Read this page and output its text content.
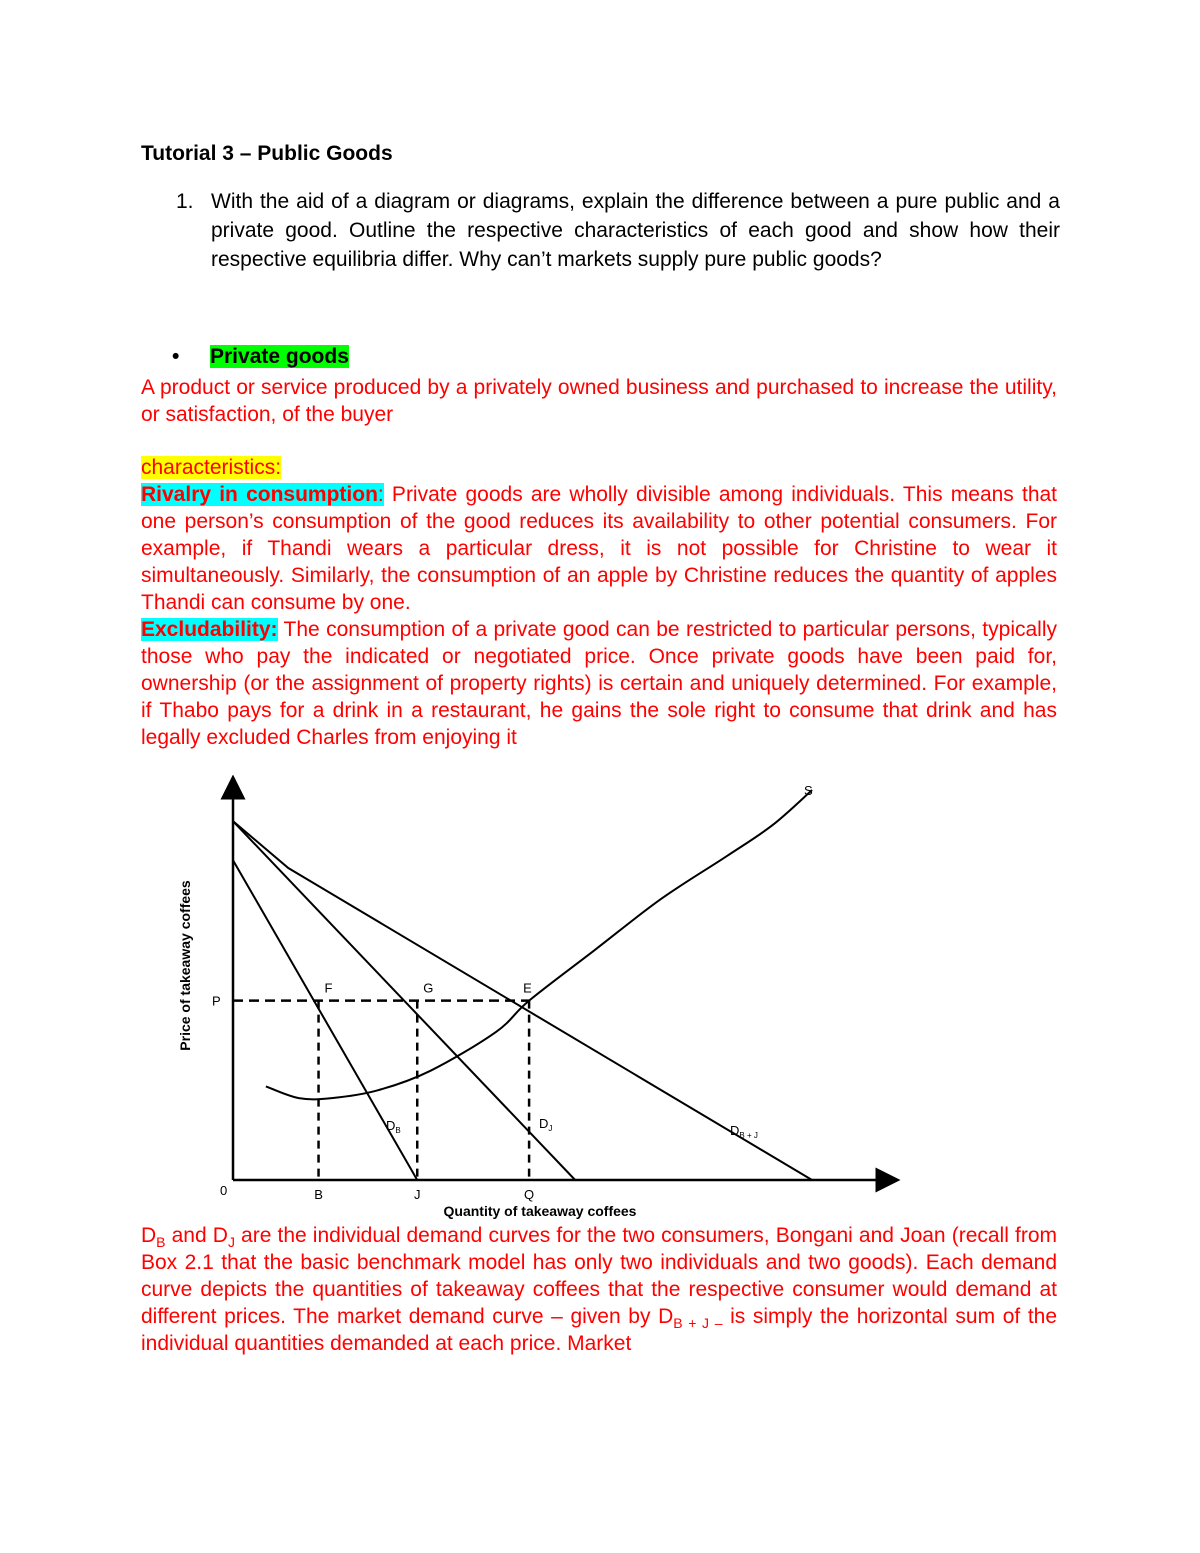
Tutorial 3 – Public Goods
1. With the aid of a diagram or diagrams, explain the difference between a pure public and a private good. Outline the respective characteristics of each good and show how their respective equilibria differ. Why can’t markets supply pure public goods?
• Private goods

A product or service produced by a privately owned business and purchased to increase the utility, or satisfaction, of the buyer

characteristics:

Rivalry in consumption: Private goods are wholly divisible among individuals. This means that one person’s consumption of the good reduces its availability to other potential consumers. For example, if Thandi wears a particular dress, it is not possible for Christine to wear it simultaneously. Similarly, the consumption of an apple by Christine reduces the quantity of apples Thandi can consume by one.

Excludability: The consumption of a private good can be restricted to particular persons, typically those who pay the indicated or negotiated price. Once private goods have been paid for, ownership (or the assignment of property rights) is certain and uniquely determined. For example, if Thabo pays for a drink in a restaurant, he gains the sole right to consume that drink and has legally excluded Charles from enjoying it

Quantity of takeaway coffees
Price of takeaway coffees
0
P
B	J	Q
$D_B$	$D_J$	$D_{B + J}$
S
F	G	E

$D_B$ and $D_J$ are the individual demand curves for the two consumers, Bongani and Joan (recall from Box 2.1 that the basic benchmark model has only two individuals and two goods). Each demand curve depicts the quantities of takeaway coffees that the respective consumer would demand at different prices. The market demand curve – given by $D_{B + J -}$ is simply the horizontal sum of the individual quantities demanded at each price. Market
